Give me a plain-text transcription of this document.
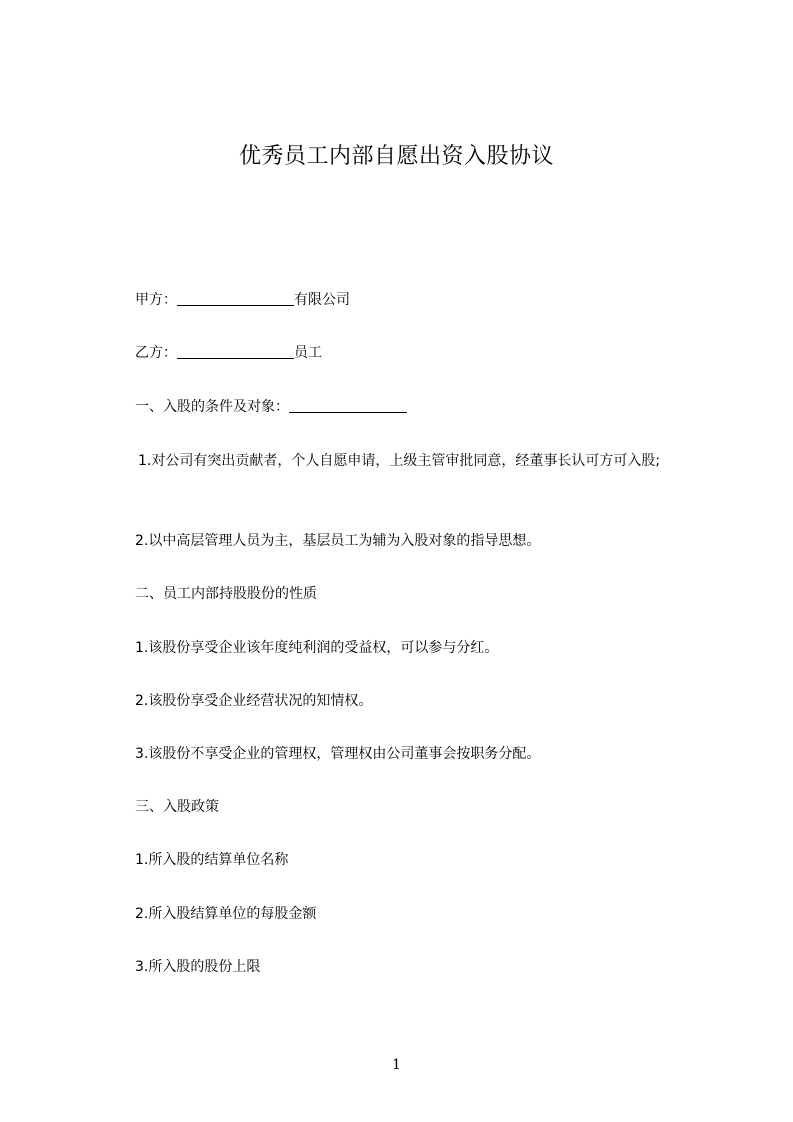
优秀员工内部自愿出资入股协议
甲方：	有限公司
乙方：	员工
一、入股的条件及对象：
1.对公司有突出贡献者，个人自愿申请，上级主管审批同意，经董事长认可方可入股;
2.以中高层管理人员为主，基层员工为辅为入股对象的指导思想。
二、员工内部持股股份的性质
1.该股份享受企业该年度纯利润的受益权，可以参与分红。
2.该股份享受企业经营状况的知情权。
3.该股份不享受企业的管理权，管理权由公司董事会按职务分配。
三、入股政策
1.所入股的结算单位名称
2.所入股结算单位的每股金额
3.所入股的股份上限
1
